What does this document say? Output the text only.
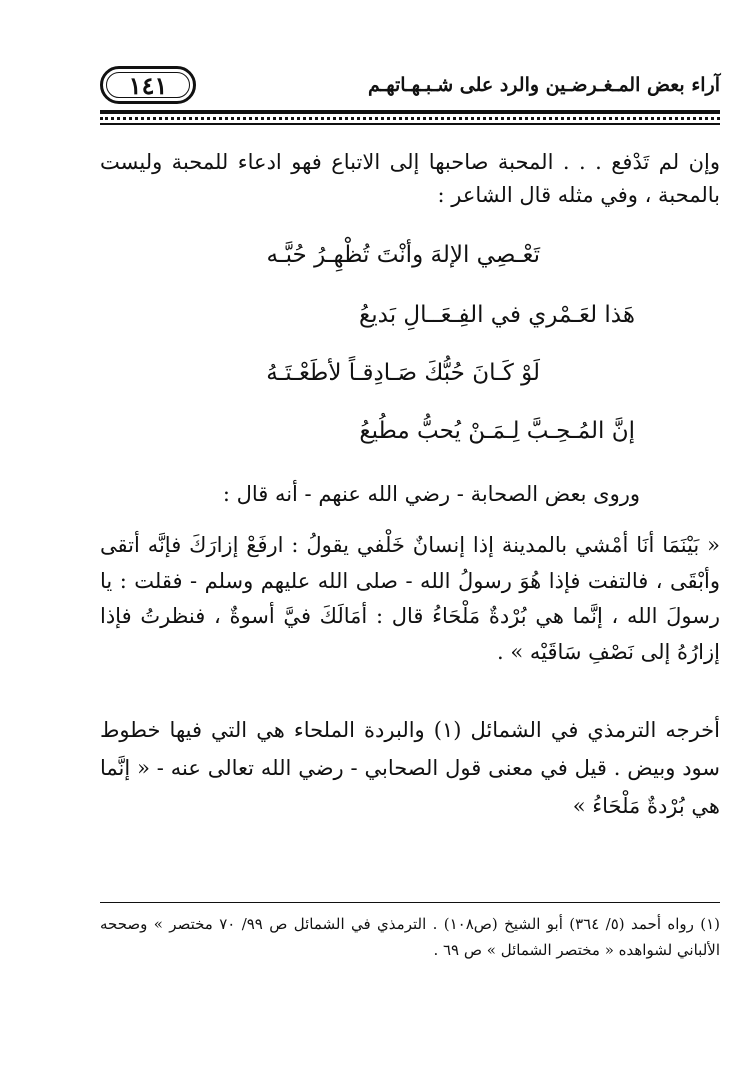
آراء بعض المـغـرضـين والرد على شـبـهـاتهـم
١٤١

وإن لم تَدْفع . . . المحبة صاحبها إلى الاتباع فهو ادعاء للمحبة وليست بالمحبة ، وفي مثله قال الشاعر :

تَعْـصِي الإلهَ وأنْتَ تُظْهِـرُ حُبَّـه

هَذا لعَـمْري في الفِـعَــالِ بَديعُ

لَوْ كَـانَ حُبُّكَ صَـادِقـاً لأطَعْـتَـهُ

إنَّ المُـحِـبَّ لِـمَـنْ يُحبُّ مطُيعُ

وروى بعض الصحابة - رضي الله عنهم - أنه قال :

« بَيْنَمَا أنَا أمْشي بالمدينة إذا إنسانٌ خَلْفي يقولُ : ارفَعْ إزارَكَ فإنَّه أتقى وأبْقَى ، فالتفت فإذا هُوَ رسولُ الله - صلى الله عليهم وسلم - فقلت : يا رسولَ الله ، إنَّما هي بُرْدةٌ مَلْحَاءُ قال : أمَالَكَ فيَّ أسوةٌ ، فنظرتُ فإذا إزارُهُ إلى نَصْفِ سَاقَيْه » .

أخرجه الترمذي في الشمائل (١) والبردة الملحاء هي التي فيها خطوط سود وبيض . قيل في معنى قول الصحابي - رضي الله تعالى عنه - « إنَّما هي بُرْدةٌ مَلْحَاءُ »

(١) رواه أحمد (٥/ ٣٦٤) أبو الشيخ (ص١٠٨) . الترمذي في الشمائل ص ٩٩/ ٧٠ مختصر » وصححه الألباني لشواهده « مختصر الشمائل » ص ٦٩ .
